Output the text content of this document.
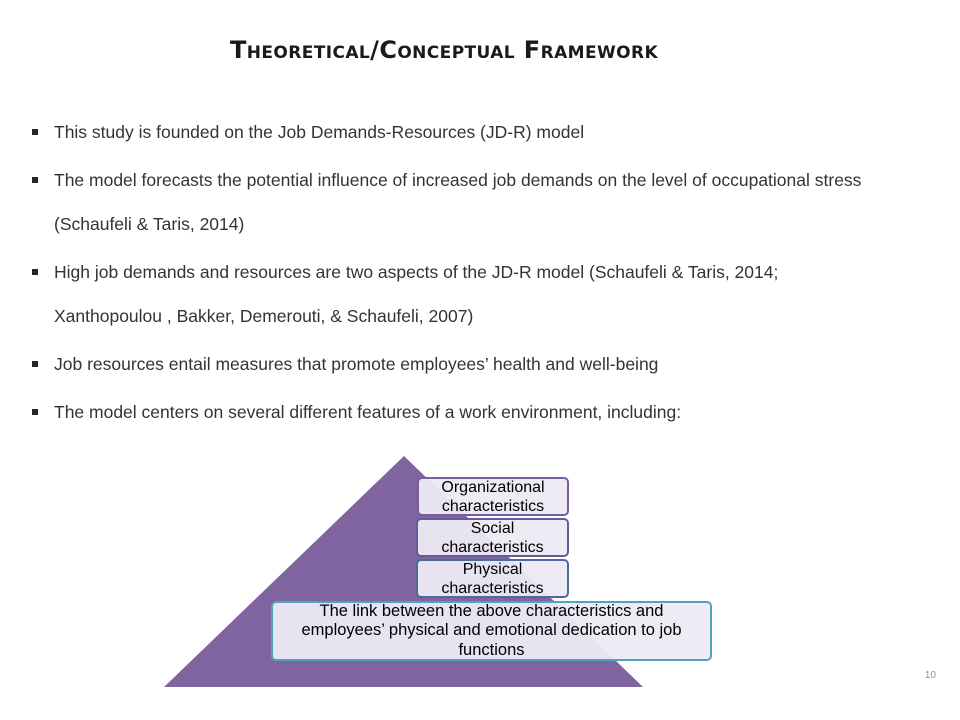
Theoretical/Conceptual Framework
This study is founded on the Job Demands-Resources (JD-R) model
The model forecasts the potential influence of increased job demands on the level of occupational stress
(Schaufeli & Taris, 2014)
High job demands and resources are two aspects of the JD-R model (Schaufeli & Taris, 2014;
Xanthopoulou , Bakker, Demerouti, & Schaufeli, 2007)
Job resources entail measures that promote employees’ health and well-being
The model centers on several different features of a work environment, including:
Organizational characteristics
Social characteristics
Physical characteristics
The link between the above characteristics and employees’ physical and emotional dedication to job functions
10
